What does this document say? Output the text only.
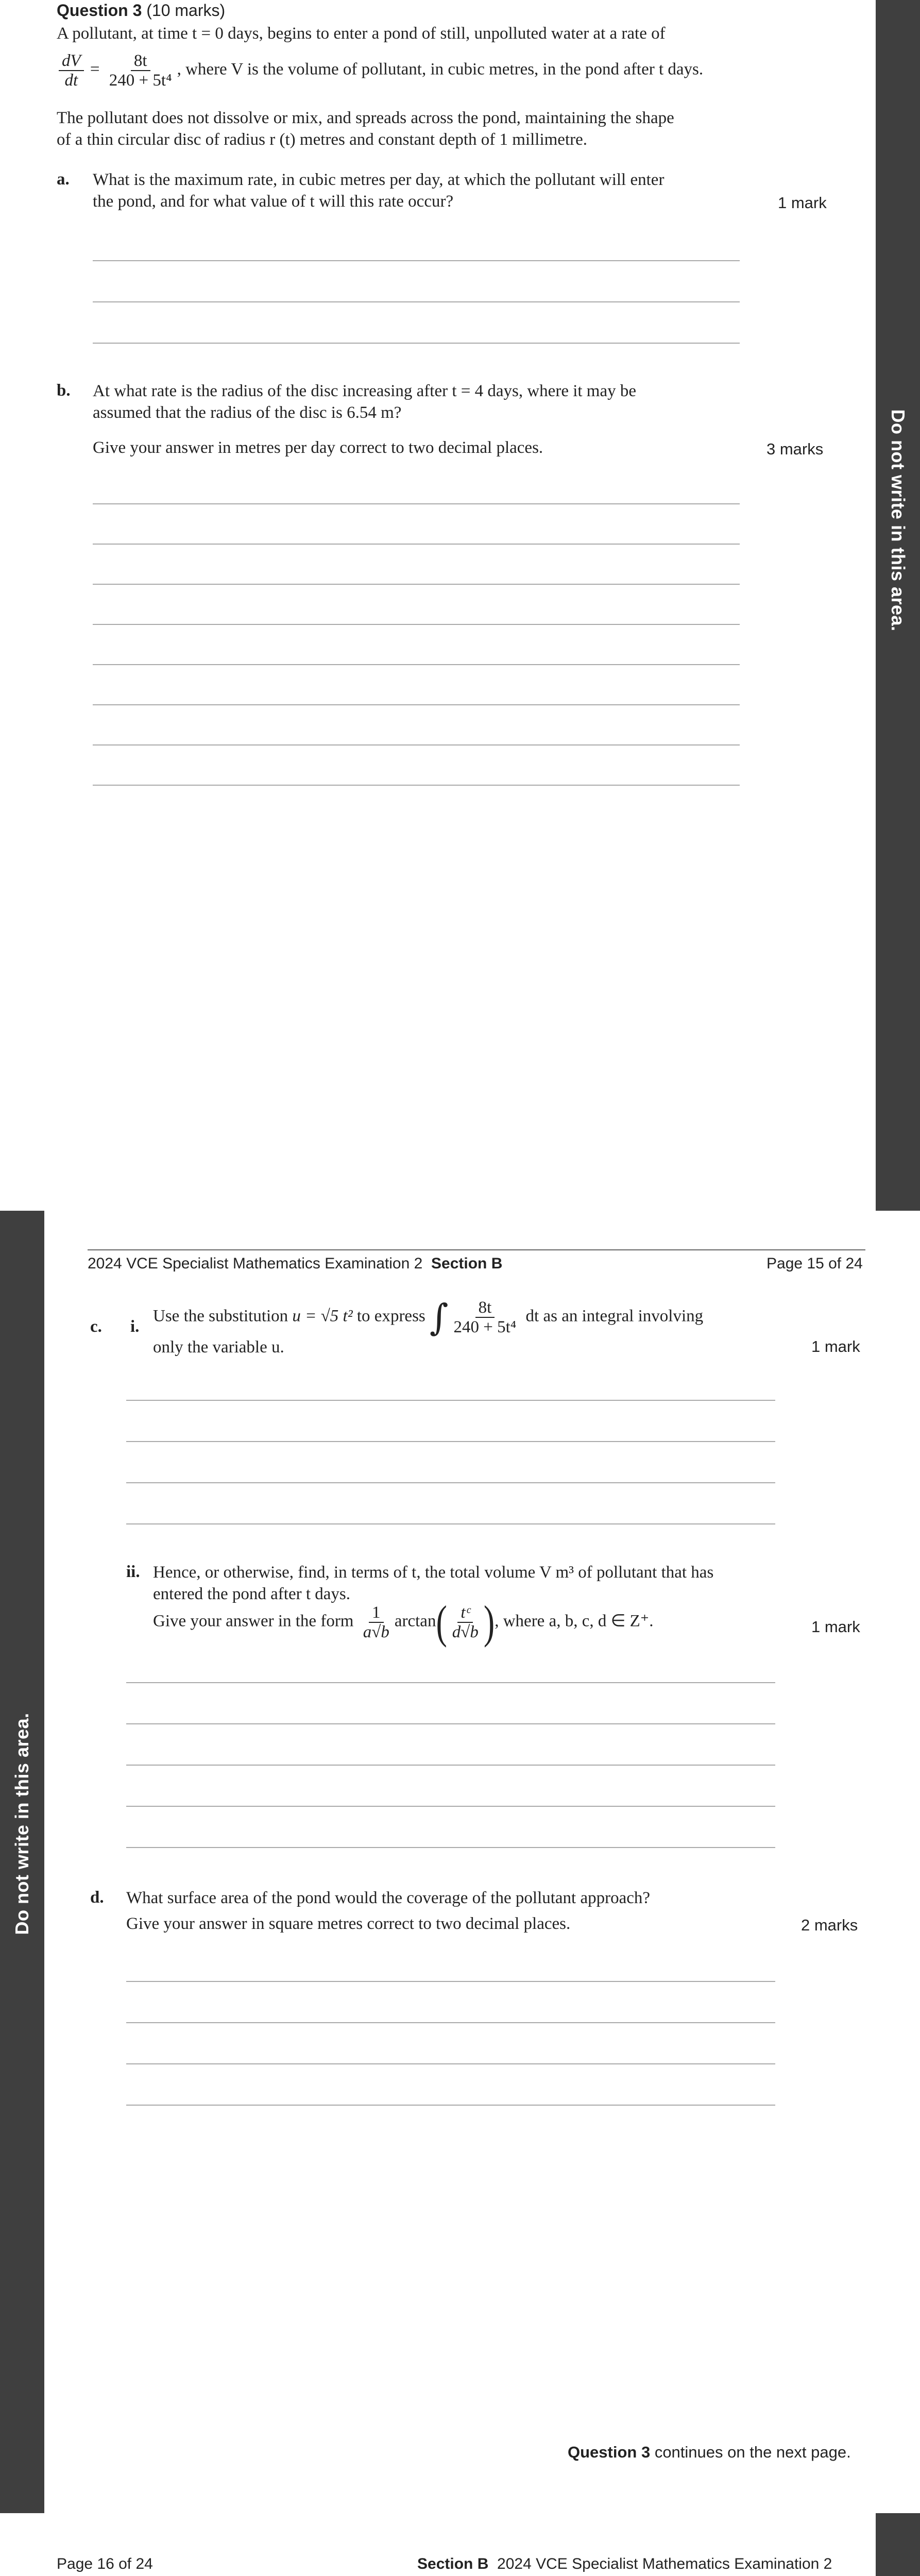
Do not write in this area.
Question 3 (10 marks)
A pollutant, at time t = 0 days, begins to enter a pond of still, unpolluted water at a rate of
$\frac{dV}{dt} = \frac{8t}{\text{240 + 5t⁴}}$ , where V is the volume of pollutant, in cubic metres, in the pond after t days.
The pollutant does not dissolve or mix, and spreads across the pond, maintaining the shape
of a thin circular disc of radius r (t) metres and constant depth of 1 millimetre.
a. What is the maximum rate, in cubic metres per day, at which the pollutant will enter
the pond, and for what value of t will this rate occur?	1 mark
b. At what rate is the radius of the disc increasing after t = 4 days, where it may be
assumed that the radius of the disc is 6.54 m?
Give your answer in metres per day correct to two decimal places.	3 marks
2024 VCE Specialist Mathematics Examination 2 Section B	Page 15 of 24
Do not write in this area.
c. i.
Use the substitution u = √5 t² to express ∫ $\frac{8t}{\text{240 + 5t⁴}}$ dt as an integral involving
only the variable u.	1 mark
ii. Hence, or otherwise, find, in terms of t, the total volume V m³ of pollutant that has
entered the pond after t days.
Give your answer in the form $\frac{1}{a√b} \arctan( \frac{\text{tᶜ}}{d√b}$ ), where a, b, c, d ∈ Z⁺.	1 mark
d. What surface area of the pond would the coverage of the pollutant approach?
Give your answer in square metres correct to two decimal places.	2 marks
Question 3 continues on the next page.
Page 16 of 24	Section B 2024 VCE Specialist Mathematics Examination 2
